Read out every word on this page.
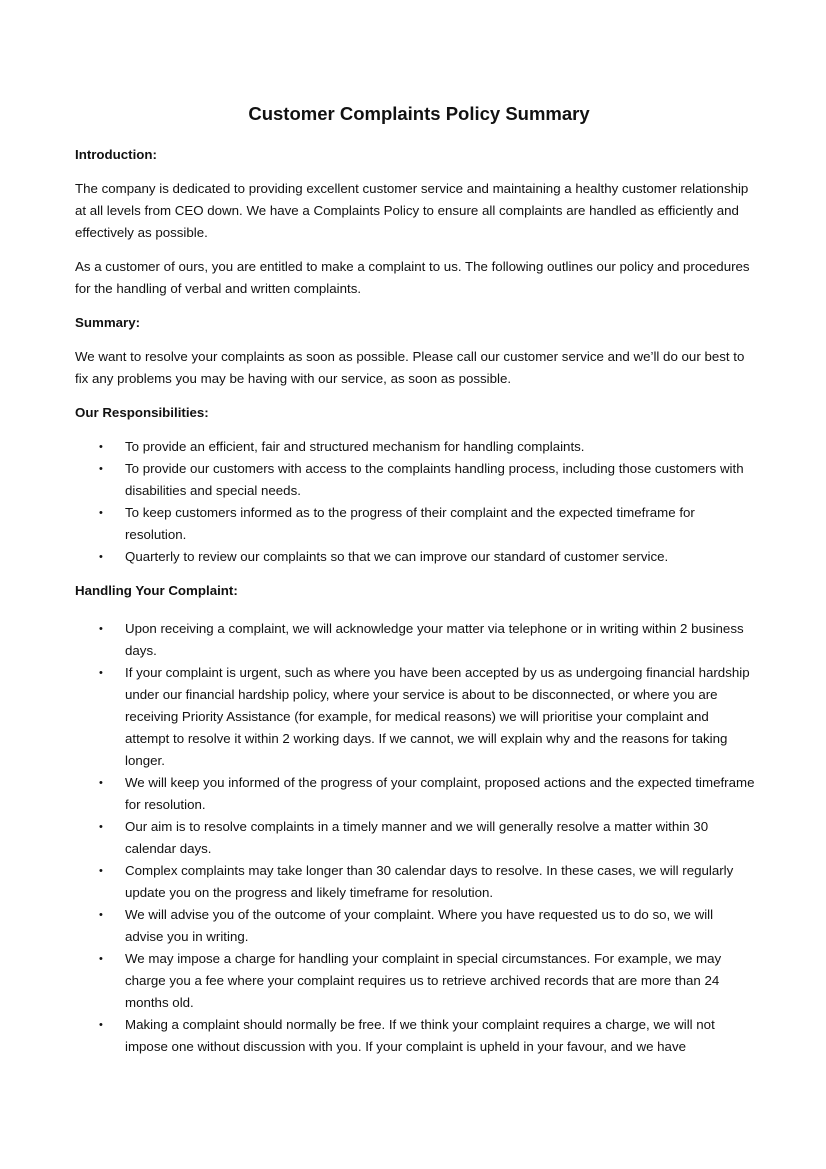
Customer Complaints Policy Summary
Introduction:

The company is dedicated to providing excellent customer service and maintaining a healthy customer relationship at all levels from CEO down. We have a Complaints Policy to ensure all complaints are handled as efficiently and effectively as possible.

As a customer of ours, you are entitled to make a complaint to us. The following outlines our policy and procedures for the handling of verbal and written complaints.

Summary:

We want to resolve your complaints as soon as possible. Please call our customer service and we’ll do our best to fix any problems you may be having with our service, as soon as possible.

Our Responsibilities:
• To provide an efficient, fair and structured mechanism for handling complaints.
• To provide our customers with access to the complaints handling process, including those customers with disabilities and special needs.
• To keep customers informed as to the progress of their complaint and the expected timeframe for resolution.
• Quarterly to review our complaints so that we can improve our standard of customer service.
Handling Your Complaint:
• Upon receiving a complaint, we will acknowledge your matter via telephone or in writing within 2 business days.
• If your complaint is urgent, such as where you have been accepted by us as undergoing financial hardship under our financial hardship policy, where your service is about to be disconnected, or where you are receiving Priority Assistance (for example, for medical reasons) we will prioritise your complaint and attempt to resolve it within 2 working days. If we cannot, we will explain why and the reasons for taking longer.
• We will keep you informed of the progress of your complaint, proposed actions and the expected timeframe for resolution.
• Our aim is to resolve complaints in a timely manner and we will generally resolve a matter within 30 calendar days.
• Complex complaints may take longer than 30 calendar days to resolve. In these cases, we will regularly update you on the progress and likely timeframe for resolution.
• We will advise you of the outcome of your complaint. Where you have requested us to do so, we will advise you in writing.
• We may impose a charge for handling your complaint in special circumstances. For example, we may charge you a fee where your complaint requires us to retrieve archived records that are more than 24 months old.
• Making a complaint should normally be free. If we think your complaint requires a charge, we will not impose one without discussion with you. If your complaint is upheld in your favour, and we have
